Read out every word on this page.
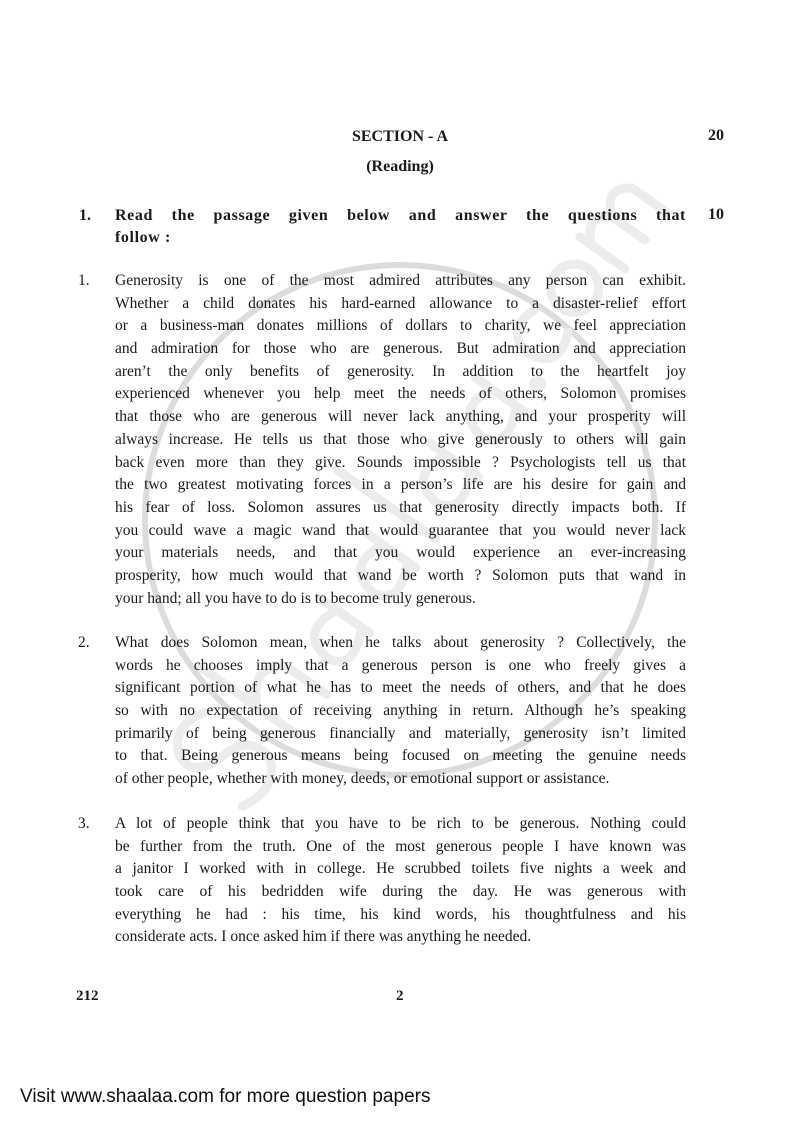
SECTION - A	20
(Reading)
1. Read the passage given below and answer the questions that
follow :
10
1. Generosity is one of the most admired attributes any person can exhibit.
Whether a child donates his hard-earned allowance to a disaster-relief effort
or a business-man donates millions of dollars to charity, we feel appreciation
and admiration for those who are generous. But admiration and appreciation
aren’t the only benefits of generosity. In addition to the heartfelt joy
experienced whenever you help meet the needs of others, Solomon promises
that those who are generous will never lack anything, and your prosperity will
always increase. He tells us that those who give generously to others will gain
back even more than they give. Sounds impossible ? Psychologists tell us that
the two greatest motivating forces in a person’s life are his desire for gain and
his fear of loss. Solomon assures us that generosity directly impacts both. If
you could wave a magic wand that would guarantee that you would never lack
your materials needs, and that you would experience an ever-increasing
prosperity, how much would that wand be worth ? Solomon puts that wand in
your hand; all you have to do is to become truly generous.
2. What does Solomon mean, when he talks about generosity ? Collectively, the
words he chooses imply that a generous person is one who freely gives a
significant portion of what he has to meet the needs of others, and that he does
so with no expectation of receiving anything in return. Although he’s speaking
primarily of being generous financially and materially, generosity isn’t limited
to that. Being generous means being focused on meeting the genuine needs
of other people, whether with money, deeds, or emotional support or assistance.
3. A lot of people think that you have to be rich to be generous. Nothing could
be further from the truth. One of the most generous people I have known was
a janitor I worked with in college. He scrubbed toilets five nights a week and
took care of his bedridden wife during the day. He was generous with
everything he had : his time, his kind words, his thoughtfulness and his
considerate acts. I once asked him if there was anything he needed.
212	2
Visit www.shaalaa.com for more question papers
